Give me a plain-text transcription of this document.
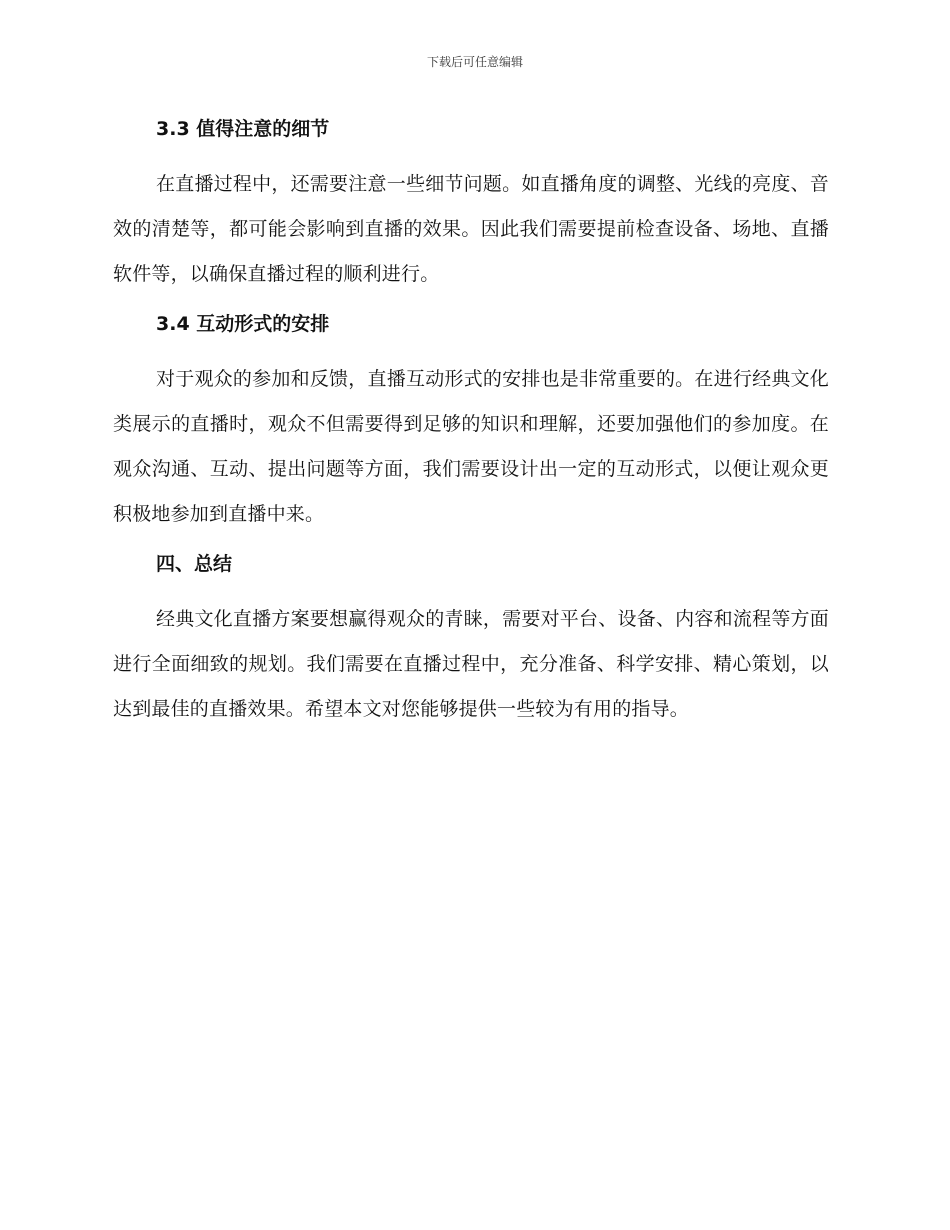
下载后可任意编辑
3.3 值得注意的细节

在直播过程中，还需要注意一些细节问题。如直播角度的调整、光线的亮度、音效的清楚等，都可能会影响到直播的效果。因此我们需要提前检查设备、场地、直播软件等，以确保直播过程的顺利进行。

3.4 互动形式的安排

对于观众的参加和反馈，直播互动形式的安排也是非常重要的。在进行经典文化类展示的直播时，观众不但需要得到足够的知识和理解，还要加强他们的参加度。在观众沟通、互动、提出问题等方面，我们需要设计出一定的互动形式，以便让观众更积极地参加到直播中来。

四、总结

经典文化直播方案要想赢得观众的青睐，需要对平台、设备、内容和流程等方面进行全面细致的规划。我们需要在直播过程中，充分准备、科学安排、精心策划，以达到最佳的直播效果。希望本文对您能够提供一些较为有用的指导。
